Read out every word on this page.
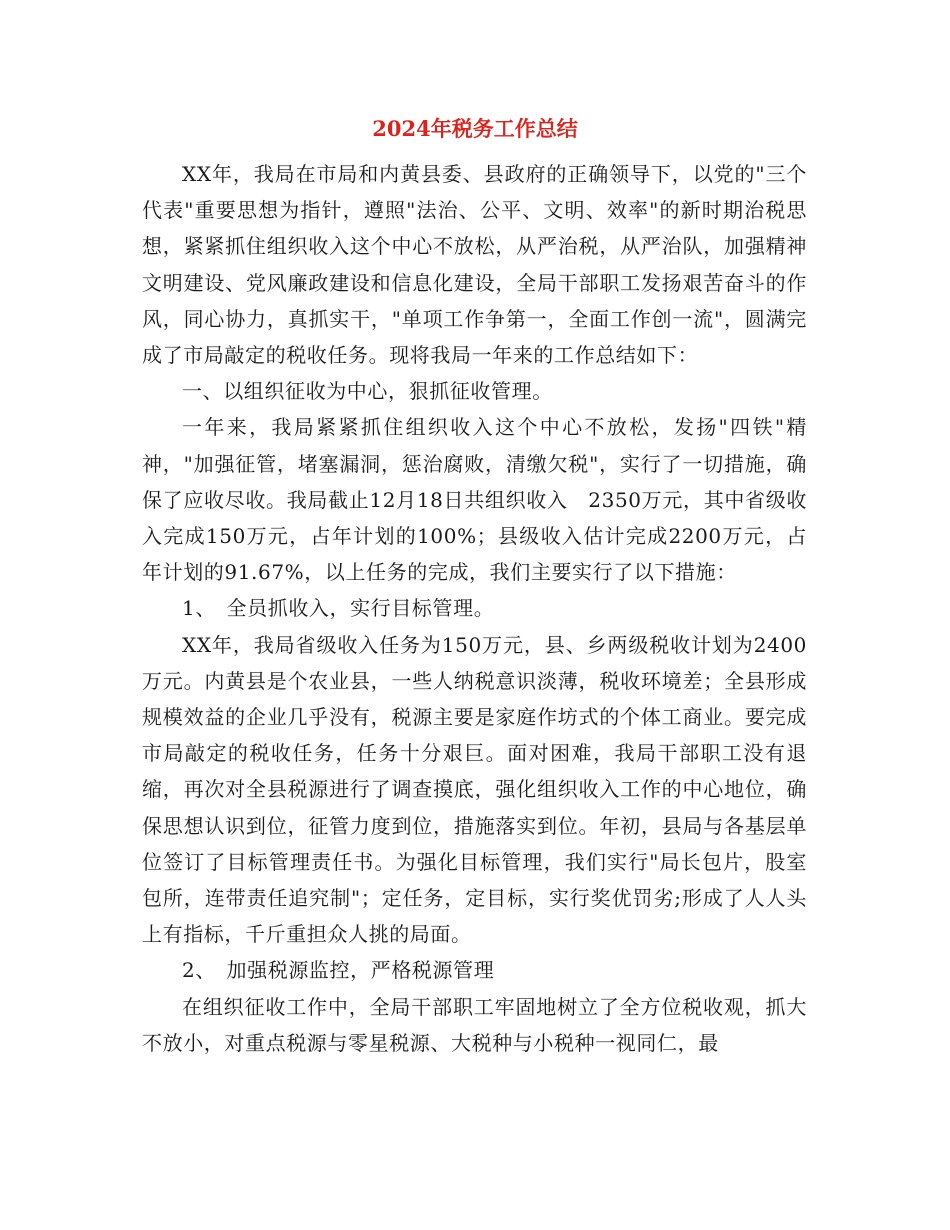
2024年税务工作总结

XX年，我局在市局和内黄县委、县政府的正确领导下，以党的"三个代表"重要思想为指针，遵照"法治、公平、文明、效率"的新时期治税思想，紧紧抓住组织收入这个中心不放松，从严治税，从严治队，加强精神文明建设、党风廉政建设和信息化建设，全局干部职工发扬艰苦奋斗的作风，同心协力，真抓实干，"单项工作争第一，全面工作创一流"，圆满完成了市局敲定的税收任务。现将我局一年来的工作总结如下：

一、以组织征收为中心，狠抓征收管理。

一年来，我局紧紧抓住组织收入这个中心不放松，发扬"四铁"精神，"加强征管，堵塞漏洞，惩治腐败，清缴欠税"，实行了一切措施，确保了应收尽收。我局截止12月18日共组织收入　2350万元，其中省级收入完成150万元，占年计划的100%；县级收入估计完成2200万元，占年计划的91.67%，以上任务的完成，我们主要实行了以下措施：

1、　全员抓收入，实行目标管理。

XX年，我局省级收入任务为150万元，县、乡两级税收计划为2400万元。内黄县是个农业县，一些人纳税意识淡薄，税收环境差；全县形成规模效益的企业几乎没有，税源主要是家庭作坊式的个体工商业。要完成市局敲定的税收任务，任务十分艰巨。面对困难，我局干部职工没有退缩，再次对全县税源进行了调查摸底，强化组织收入工作的中心地位，确保思想认识到位，征管力度到位，措施落实到位。年初，县局与各基层单位签订了目标管理责任书。为强化目标管理，我们实行"局长包片，股室包所，连带责任追究制"；定任务，定目标，实行奖优罚劣;形成了人人头上有指标，千斤重担众人挑的局面。

2、　加强税源监控，严格税源管理

在组织征收工作中，全局干部职工牢固地树立了全方位税收观，抓大不放小，对重点税源与零星税源、大税种与小税种一视同仁，最
